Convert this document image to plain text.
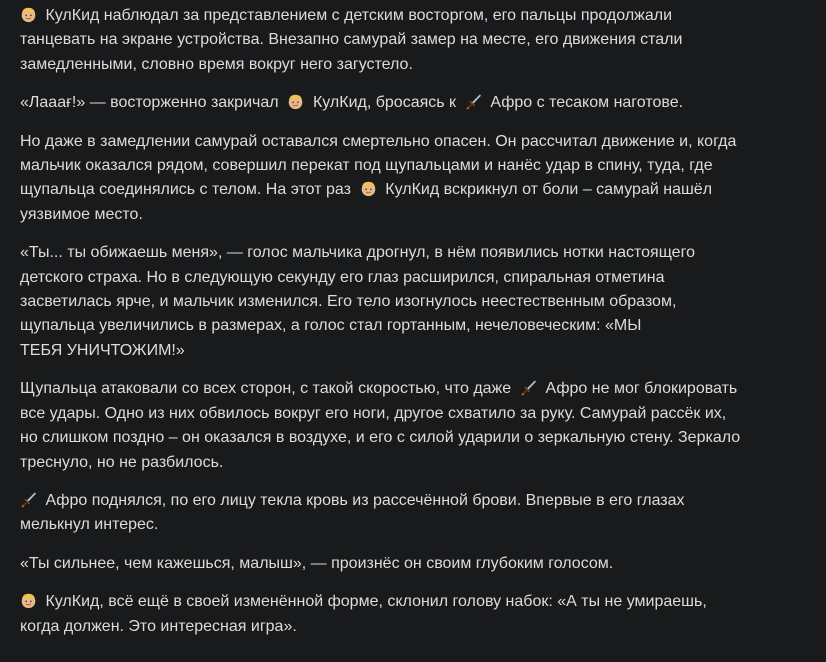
КулКид наблюдал за представлением с детским восторгом, его пальцы продолжали
танцевать на экране устройства. Внезапно самурай замер на месте, его движения стали
замедленными, словно время вокруг него загустело.

«Лааағ!» — восторженно закричал
КулКид, бросаясь к
Афро с тесаком наготове.

Но даже в замедлении самурай оставался смертельно опасен. Он рассчитал движение и, когда
мальчик оказался рядом, совершил перекат под щупальцами и нанёс удар в спину, туда, где
щупальца соединялись с телом. На этот раз
КулКид вскрикнул от боли – самурай нашёл
уязвимое место.

«Ты... ты обижаешь меня», — голос мальчика дрогнул, в нём появились нотки настоящего
детского страха. Но в следующую секунду его глаз расширился, спиральная отметина
засветилась ярче, и мальчик изменился. Его тело изогнулось неестественным образом,
щупальца увеличились в размерах, а голос стал гортанным, нечеловеческим: «МЫ
ТЕБЯ УНИЧТОЖИМ!»

Щупальца атаковали со всех сторон, с такой скоростью, что даже
Афро не мог блокировать
все удары. Одно из них обвилось вокруг его ноги, другое схватило за руку. Самурай рассёк их,
но слишком поздно – он оказался в воздухе, и его с силой ударили о зеркальную стену. Зеркало
треснуло, но не разбилось.

Афро поднялся, по его лицу текла кровь из рассечённой брови. Впервые в его глазах
мелькнул интерес.

«Ты сильнее, чем кажешься, малыш», — произнёс он своим глубоким голосом.

КулКид, всё ещё в своей изменённой форме, склонил голову набок: «А ты не умираешь,
когда должен. Это интересная игра».
